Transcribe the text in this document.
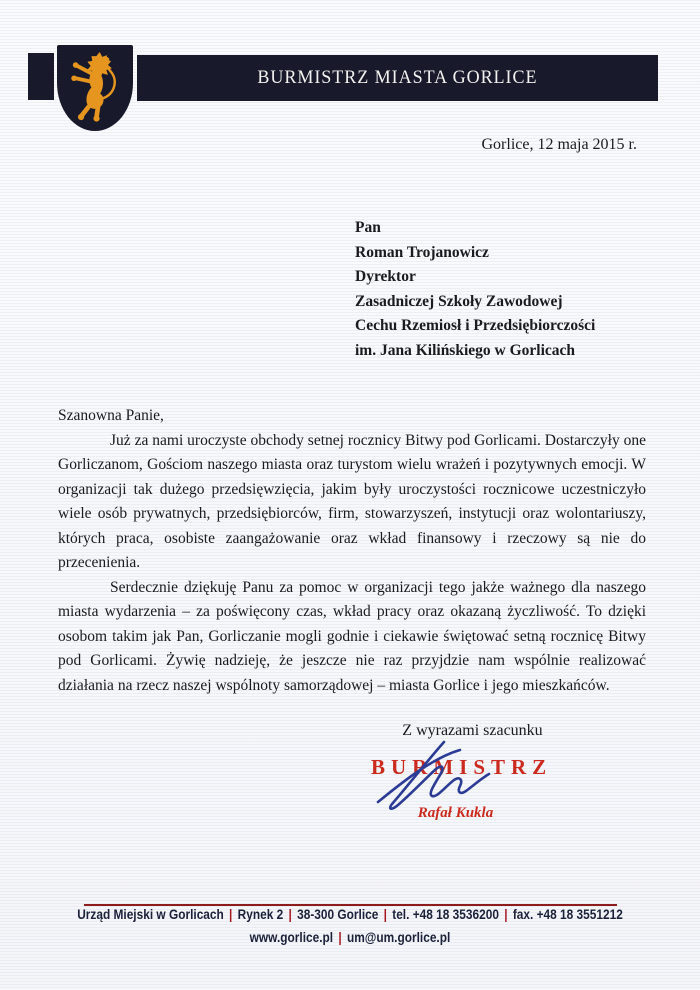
BURMISTRZ MIASTA GORLICE
Gorlice, 12 maja 2015 r.
Pan
Roman Trojanowicz
Dyrektor
Zasadniczej Szkoły Zawodowej
Cechu Rzemiosł i Przedsiębiorczości
im. Jana Kilińskiego w Gorlicach
Szanowna Panie,

Już za nami uroczyste obchody setnej rocznicy Bitwy pod Gorlicami. Dostarczyły one Gorliczanom, Gościom naszego miasta oraz turystom wielu wrażeń i pozytywnych emocji. W organizacji tak dużego przedsięwzięcia, jakim były uroczystości rocznicowe uczestniczyło wiele osób prywatnych, przedsiębiorców, firm, stowarzyszeń, instytucji oraz wolontariuszy, których praca, osobiste zaangażowanie oraz wkład finansowy i rzeczowy są nie do przecenienia.

Serdecznie dziękuję Panu za pomoc w organizacji tego jakże ważnego dla naszego miasta wydarzenia – za poświęcony czas, wkład pracy oraz okazaną życzliwość. To dzięki osobom takim jak Pan, Gorliczanie mogli godnie i ciekawie świętować setną rocznicę Bitwy pod Gorlicami. Żywię nadzieję, że jeszcze nie raz przyjdzie nam wspólnie realizować działania na rzecz naszej wspólnoty samorządowej – miasta Gorlice i jego mieszkańców.

Z wyrazami szacunku
BURMISTRZ
Rafał Kukla
Urząd Miejski w Gorlicach | Rynek 2 | 38-300 Gorlice | tel. +48 18 3536200 | fax. +48 18 3551212
www.gorlice.pl | um@um.gorlice.pl
